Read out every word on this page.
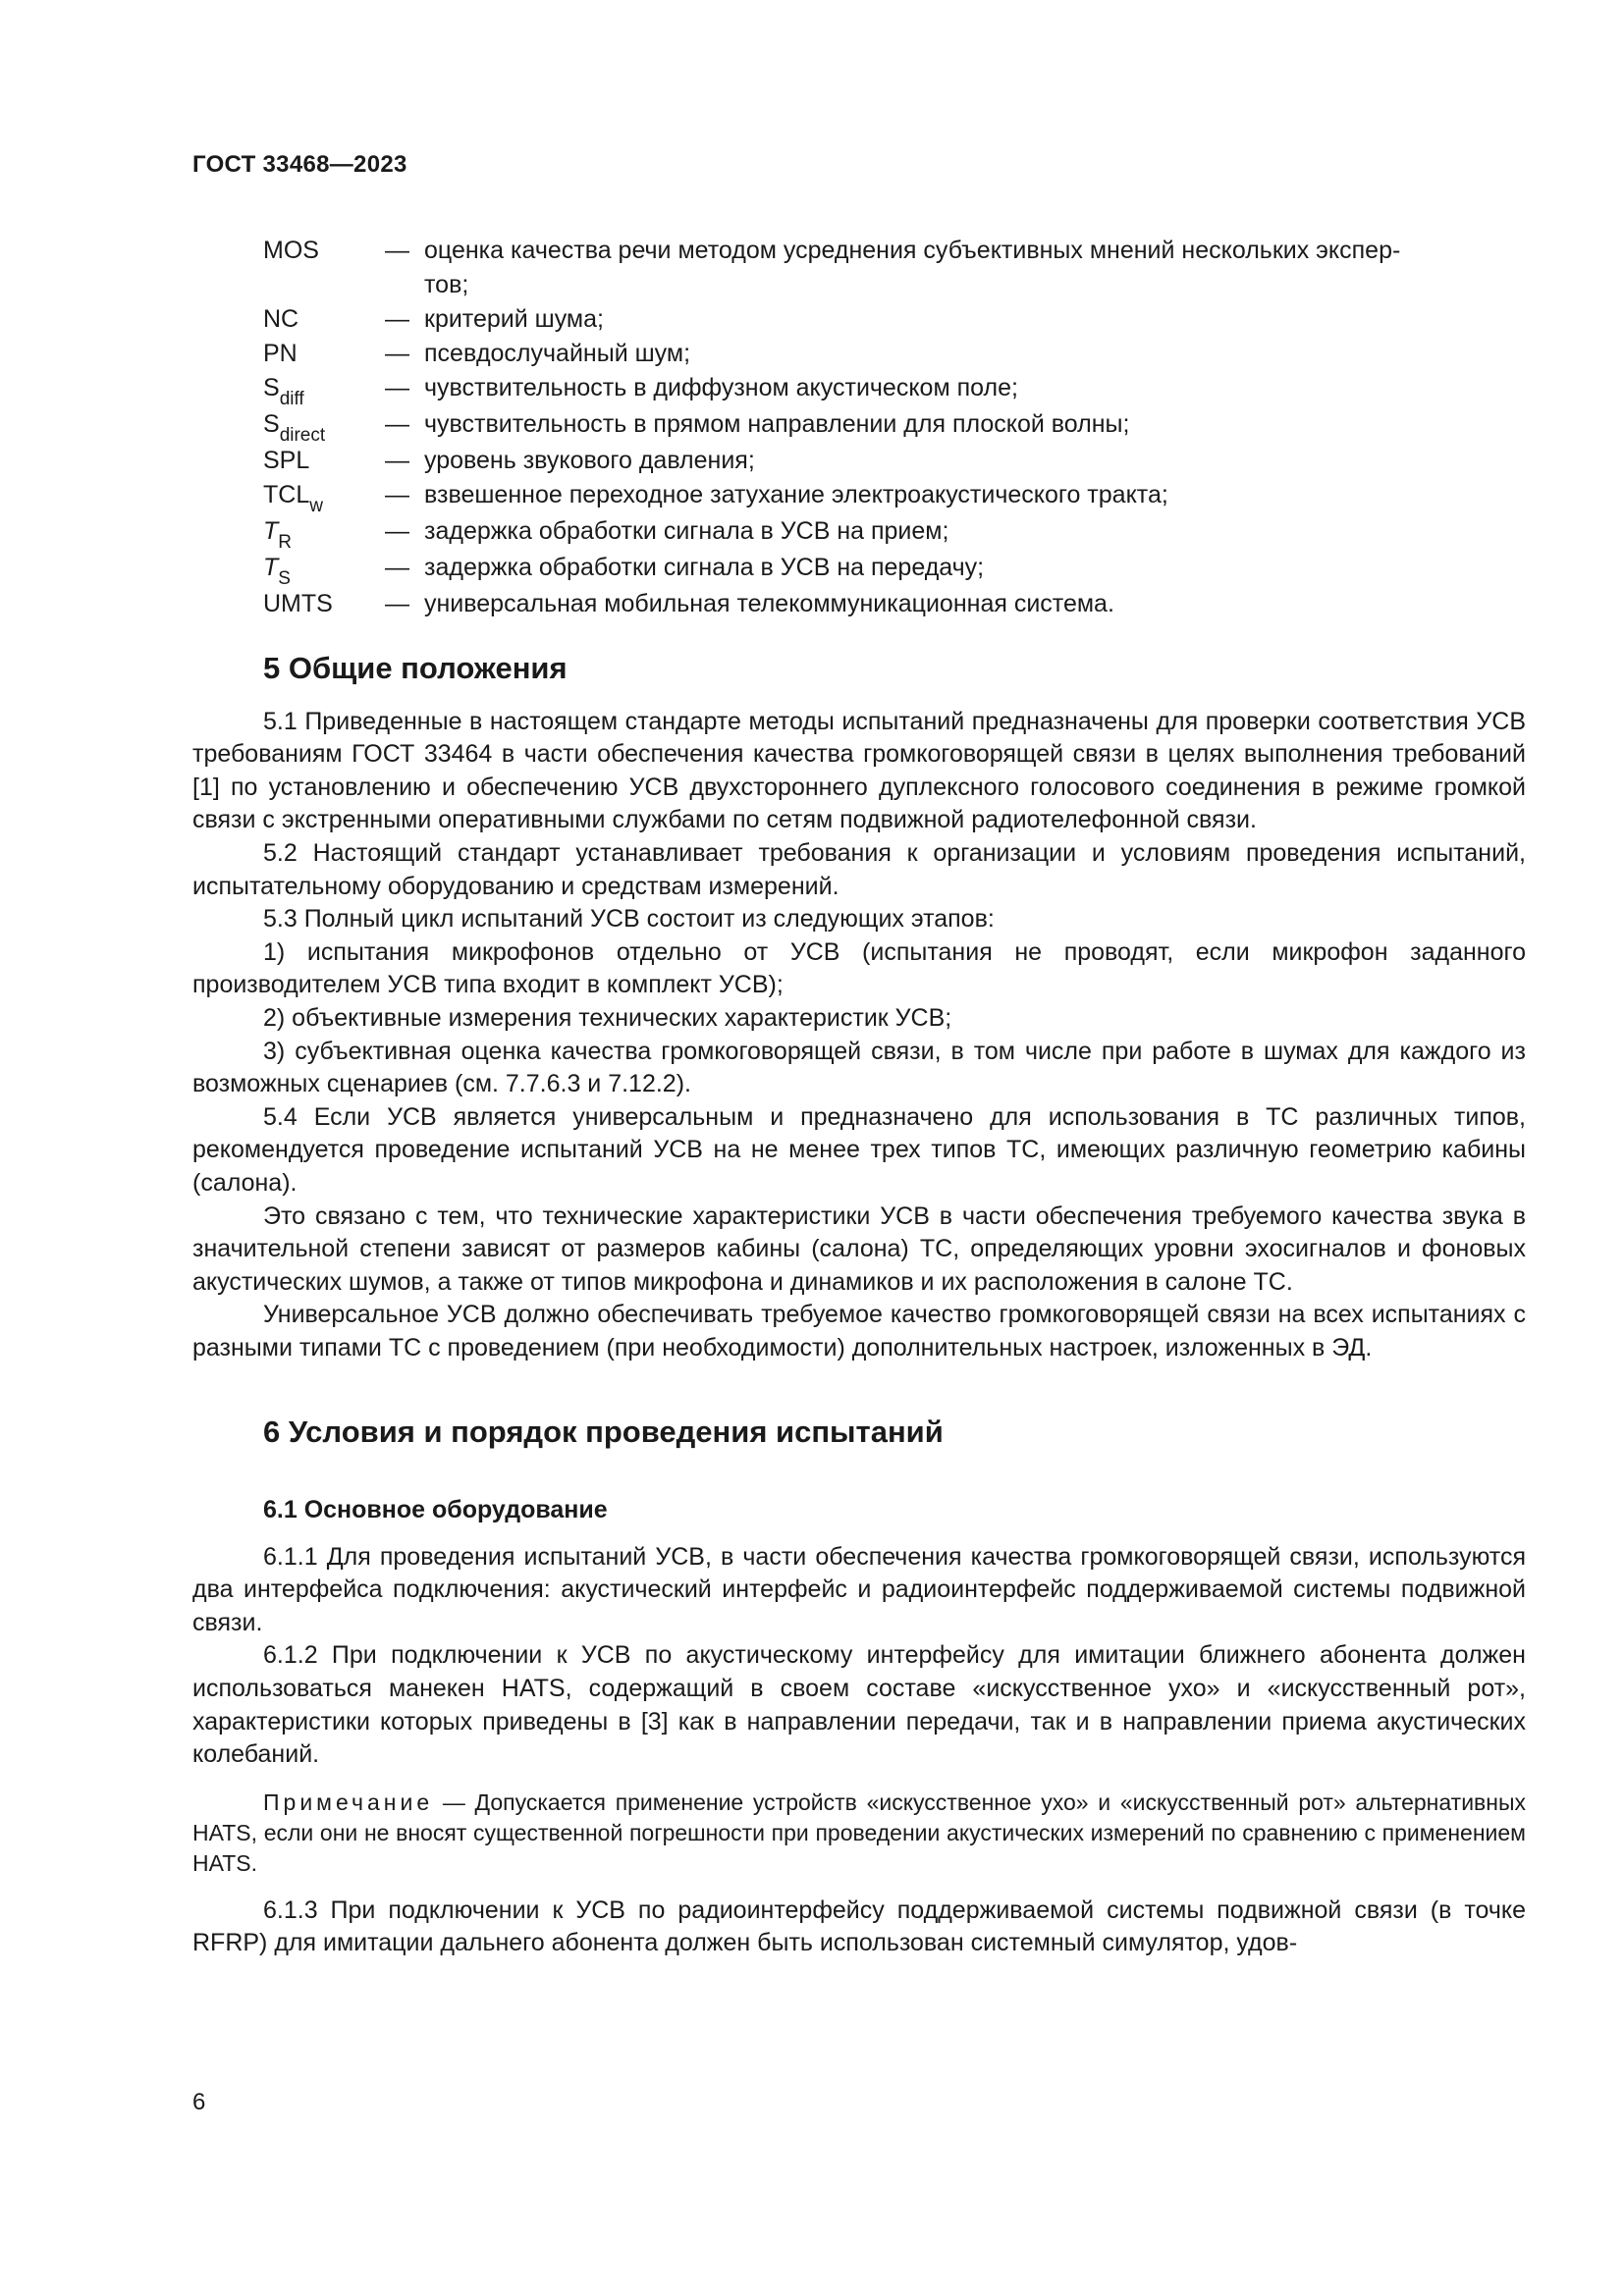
ГОСТ 33468—2023
MOS	— оценка качества речи методом усреднения субъективных мнений нескольких экспер-
тов;
NC	— критерий шума;
PN	— псевдослучайный шум;
$S_{diff}$	— чувствительность в диффузном акустическом поле;
$S_{direct}$	— чувствительность в прямом направлении для плоской волны;
SPL	— уровень звукового давления;
$TCL_w$	— взвешенное переходное затухание электроакустического тракта;
$T_R$	— задержка обработки сигнала в УСВ на прием;
$T_S$	— задержка обработки сигнала в УСВ на передачу;
UMTS	— универсальная мобильная телекоммуникационная система.
5 Общие положения

5.1 Приведенные в настоящем стандарте методы испытаний предназначены для проверки соответствия УСВ требованиям ГОСТ 33464 в части обеспечения качества громкоговорящей связи в целях выполнения требований [1] по установлению и обеспечению УСВ двухстороннего дуплексного голосового соединения в режиме громкой связи с экстренными оперативными службами по сетям подвижной радиотелефонной связи.

5.2 Настоящий стандарт устанавливает требования к организации и условиям проведения испытаний, испытательному оборудованию и средствам измерений.

5.3 Полный цикл испытаний УСВ состоит из следующих этапов:

1) испытания микрофонов отдельно от УСВ (испытания не проводят, если микрофон заданного производителем УСВ типа входит в комплект УСВ);

2) объективные измерения технических характеристик УСВ;

3) субъективная оценка качества громкоговорящей связи, в том числе при работе в шумах для каждого из возможных сценариев (см. 7.7.6.3 и 7.12.2).

5.4 Если УСВ является универсальным и предназначено для использования в ТС различных типов, рекомендуется проведение испытаний УСВ на не менее трех типов ТС, имеющих различную геометрию кабины (салона).

Это связано с тем, что технические характеристики УСВ в части обеспечения требуемого качества звука в значительной степени зависят от размеров кабины (салона) ТС, определяющих уровни эхосигналов и фоновых акустических шумов, а также от типов микрофона и динамиков и их расположения в салоне ТС.

Универсальное УСВ должно обеспечивать требуемое качество громкоговорящей связи на всех испытаниях с разными типами ТС с проведением (при необходимости) дополнительных настроек, изложенных в ЭД.

6 Условия и порядок проведения испытаний
6.1 Основное оборудование

6.1.1 Для проведения испытаний УСВ, в части обеспечения качества громкоговорящей связи, используются два интерфейса подключения: акустический интерфейс и радиоинтерфейс поддерживаемой системы подвижной связи.

6.1.2 При подключении к УСВ по акустическому интерфейсу для имитации ближнего абонента должен использоваться манекен HATS, содержащий в своем составе «искусственное ухо» и «искусственный рот», характеристики которых приведены в [3] как в направлении передачи, так и в направлении приема акустических колебаний.

Примечание — Допускается применение устройств «искусственное ухо» и «искусственный рот» альтернативных HATS, если они не вносят существенной погрешности при проведении акустических измерений по сравнению с применением HATS.

6.1.3 При подключении к УСВ по радиоинтерфейсу поддерживаемой системы подвижной связи (в точке RFRP) для имитации дальнего абонента должен быть использован системный симулятор, удов-

6
